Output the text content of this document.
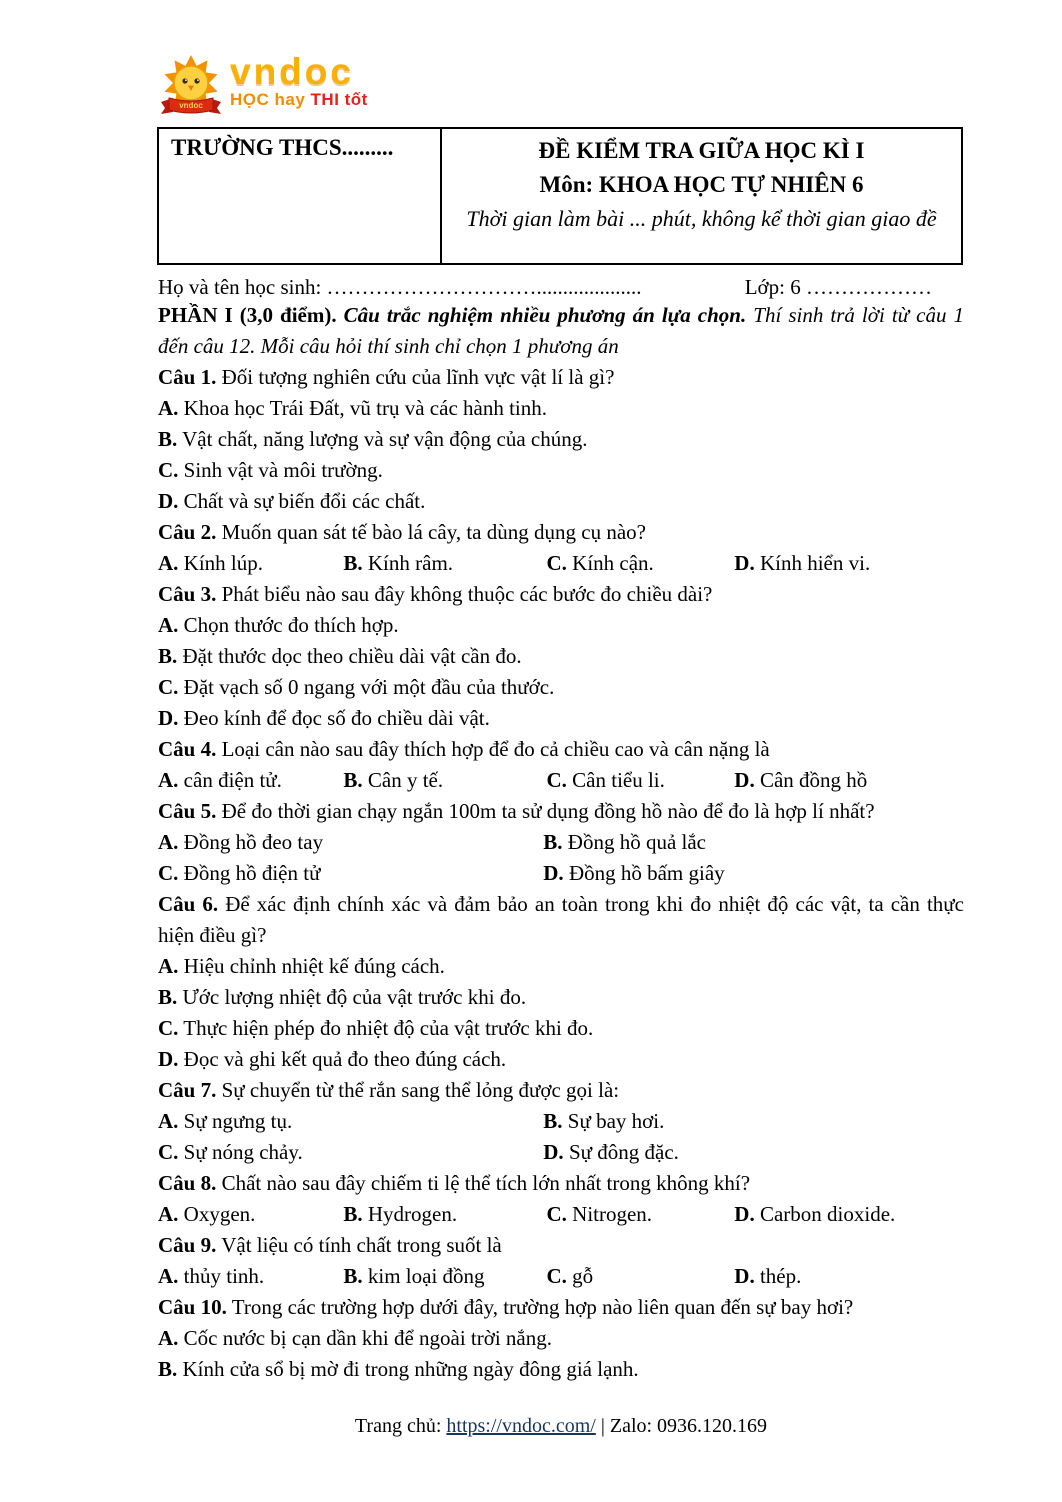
vndoc
vndoc
HỌC hay THI tốt
TRƯỜNG THCS.........	ĐỀ KIỂM TRA GIỮA HỌC KÌ I
Môn: KHOA HỌC TỰ NHIÊN 6
Thời gian làm bài ... phút, không kể thời gian giao đề
Họ và tên học sinh: …………………………....................	Lớp: 6 ………………

PHẦN I (3,0 điểm). Câu trắc nghiệm nhiều phương án lựa chọn. Thí sinh trả lời từ câu 1 đến câu 12. Mỗi câu hỏi thí sinh chỉ chọn 1 phương án

Câu 1. Đối tượng nghiên cứu của lĩnh vực vật lí là gì?

A. Khoa học Trái Đất, vũ trụ và các hành tinh.
B. Vật chất, năng lượng và sự vận động của chúng.
C. Sinh vật và môi trường.
D. Chất và sự biến đổi các chất.

Câu 2. Muốn quan sát tế bào lá cây, ta dùng dụng cụ nào?

A. Kính lúp.	B. Kính râm.	C. Kính cận.	D. Kính hiển vi.

Câu 3. Phát biểu nào sau đây không thuộc các bước đo chiều dài?

A. Chọn thước đo thích hợp.
B. Đặt thước dọc theo chiều dài vật cần đo.
C. Đặt vạch số 0 ngang với một đầu của thước.
D. Đeo kính để đọc số đo chiều dài vật.

Câu 4. Loại cân nào sau đây thích hợp để đo cả chiều cao và cân nặng là

A. cân điện tử.	B. Cân y tế.	C. Cân tiểu li.	D. Cân đồng hồ

Câu 5. Để đo thời gian chạy ngắn 100m ta sử dụng đồng hồ nào để đo là hợp lí nhất?

A. Đồng hồ đeo tay	B. Đồng hồ quả lắc
C. Đồng hồ điện tử	D. Đồng hồ bấm giây

Câu 6. Để xác định chính xác và đảm bảo an toàn trong khi đo nhiệt độ các vật, ta cần thực hiện điều gì?

A. Hiệu chỉnh nhiệt kế đúng cách.
B. Ước lượng nhiệt độ của vật trước khi đo.
C. Thực hiện phép đo nhiệt độ của vật trước khi đo.
D. Đọc và ghi kết quả đo theo đúng cách.

Câu 7. Sự chuyển từ thể rắn sang thể lỏng được gọi là:

A. Sự ngưng tụ.	B. Sự bay hơi.
C. Sự nóng chảy.	D. Sự đông đặc.

Câu 8. Chất nào sau đây chiếm ti lệ thể tích lớn nhất trong không khí?

A. Oxygen.	B. Hydrogen.	C. Nitrogen.	D. Carbon dioxide.

Câu 9. Vật liệu có tính chất trong suốt là

A. thủy tinh.	B. kim loại đồng	C. gỗ	D. thép.

Câu 10. Trong các trường hợp dưới đây, trường hợp nào liên quan đến sự bay hơi?

A. Cốc nước bị cạn dần khi để ngoài trời nắng.
B. Kính cửa sổ bị mờ đi trong những ngày đông giá lạnh.
Trang chủ: https://vndoc.com/ | Zalo: 0936.120.169
